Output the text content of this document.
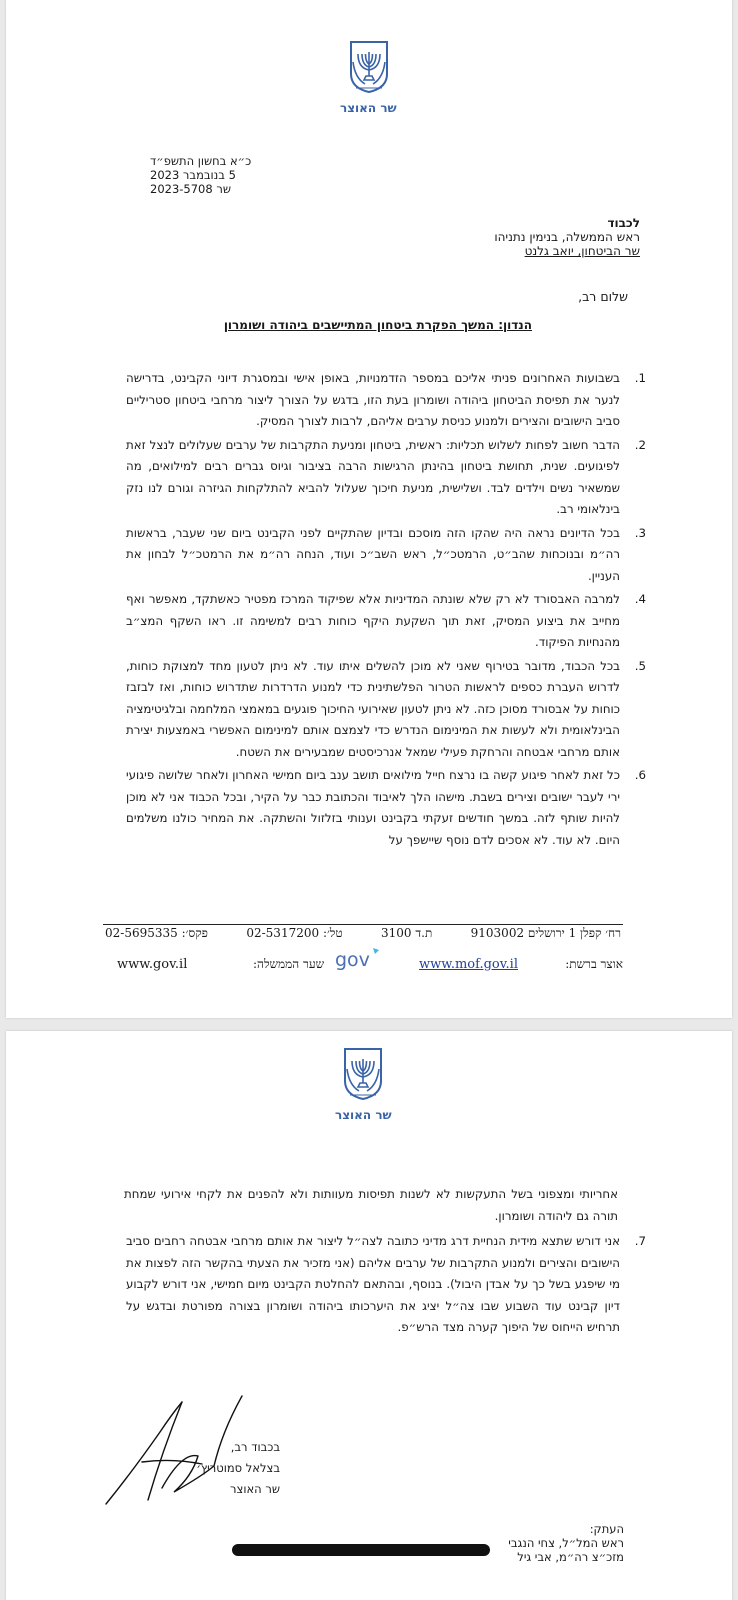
שר האוצר
כ״א בחשון התשפ״ד
5 בנובמבר 2023
שר 2023-5708
לכבוד
ראש הממשלה, בנימין נתניהו
שר הביטחון, יואב גלנט
שלום רב,
הנדון: המשך הפקרת ביטחון המתיישבים ביהודה ושומרון
1.
בשבועות האחרונים פניתי אליכם במספר הזדמנויות, באופן אישי ובמסגרת דיוני הקבינט, בדרישה לנער את תפיסת הביטחון ביהודה ושומרון בעת הזו, בדגש על הצורך ליצור מרחבי ביטחון סטריליים סביב הישובים והצירים ולמנוע כניסת ערבים אליהם, לרבות לצורך המסיק.
2.
הדבר חשוב לפחות לשלוש תכליות: ראשית, ביטחון ומניעת התקרבות של ערבים שעלולים לנצל זאת לפיגועים. שנית, תחושת ביטחון בהינתן הרגישות הרבה בציבור וגיוס גברים רבים למילואים, מה שמשאיר נשים וילדים לבד. ושלישית, מניעת חיכוך שעלול להביא להתלקחות הגיזרה וגורם לנו נזק בינלאומי רב.
3.
בכל הדיונים נראה היה שהקו הזה מוסכם ובדיון שהתקיים לפני הקבינט ביום שני שעבר, בראשות רה״מ ובנוכחות שהב״ט, הרמטכ״ל, ראש השב״כ ועוד, הנחה רה״מ את הרמטכ״ל לבחון את העניין.
4.
למרבה האבסורד לא רק שלא שונתה המדיניות אלא שפיקוד המרכז מפטיר כאשתקד, מאפשר ואף מחייב את ביצוע המסיק, זאת תוך השקעת היקף כוחות רבים למשימה זו. ראו השקף המצ״ב מהנחיות הפיקוד.
5.
בכל הכבוד, מדובר בטירוף שאני לא מוכן להשלים איתו עוד. לא ניתן לטעון מחד למצוקת כוחות, לדרוש העברת כספים לראשות הטרור הפלשתינית כדי למנוע הדרדרות שתדרוש כוחות, ואז לבזבז כוחות על אבסורד מסוכן כזה. לא ניתן לטעון שאירועי החיכוך פוגעים במאמצי המלחמה ובלגיטימציה הבינלאומית ולא לעשות את המינימום הנדרש כדי לצמצם אותם למינימום האפשרי באמצעות יצירת אותם מרחבי אבטחה והרחקת פעילי שמאל אנרכיסטים שמבעירים את השטח.
6.
כל זאת לאחר פיגוע קשה בו נרצח חייל מילואים תושב ענב ביום חמישי האחרון ולאחר שלושה פיגועי ירי לעבר ישובים וצירים בשבת. מישהו הלך לאיבוד והכתובת כבר על הקיר, ובכל הכבוד אני לא מוכן להיות שותף לזה. במשך חודשים זעקתי בקבינט וענותי בזלזול והשתקה. את המחיר כולנו משלמים היום. לא עוד. לא אסכים לדם נוסף שיישפך על
רח׳ קפלן 1 ירושלים 9103002
ת.ד 3100
טל׳: 02-5317200
פקס׳: 02-5695335
gov
www.gov.il	שער הממשלה:	www.mof.gov.il	אוצר ברשת:
שר האוצר
אחריותי ומצפוני בשל התעקשות לא לשנות תפיסות מעוותות ולא להפנים את לקחי אירועי שמחת תורה גם ליהודה ושומרון.
7.
אני דורש שתצא מידית הנחיית דרג מדיני כתובה לצה״ל ליצור את אותם מרחבי אבטחה רחבים סביב הישובים והצירים ולמנוע התקרבות של ערבים אליהם (אני מזכיר את הצעתי בהקשר הזה לפצות את מי שיפגע בשל כך על אבדן היבול). בנוסף, ובהתאם להחלטת הקבינט מיום חמישי, אני דורש לקבוע דיון קבינט עוד השבוע שבו צה״ל יציג את היערכותו ביהודה ושומרון בצורה מפורטת ובדגש על תרחיש הייחוס של היפוך קערה מצד הרש״פ.
בכבוד רב,
בצלאל סמוטריץ׳
שר האוצר
העתק:
ראש המל״ל, צחי הנגבי
מזכ״צ רה״מ, אבי גיל
